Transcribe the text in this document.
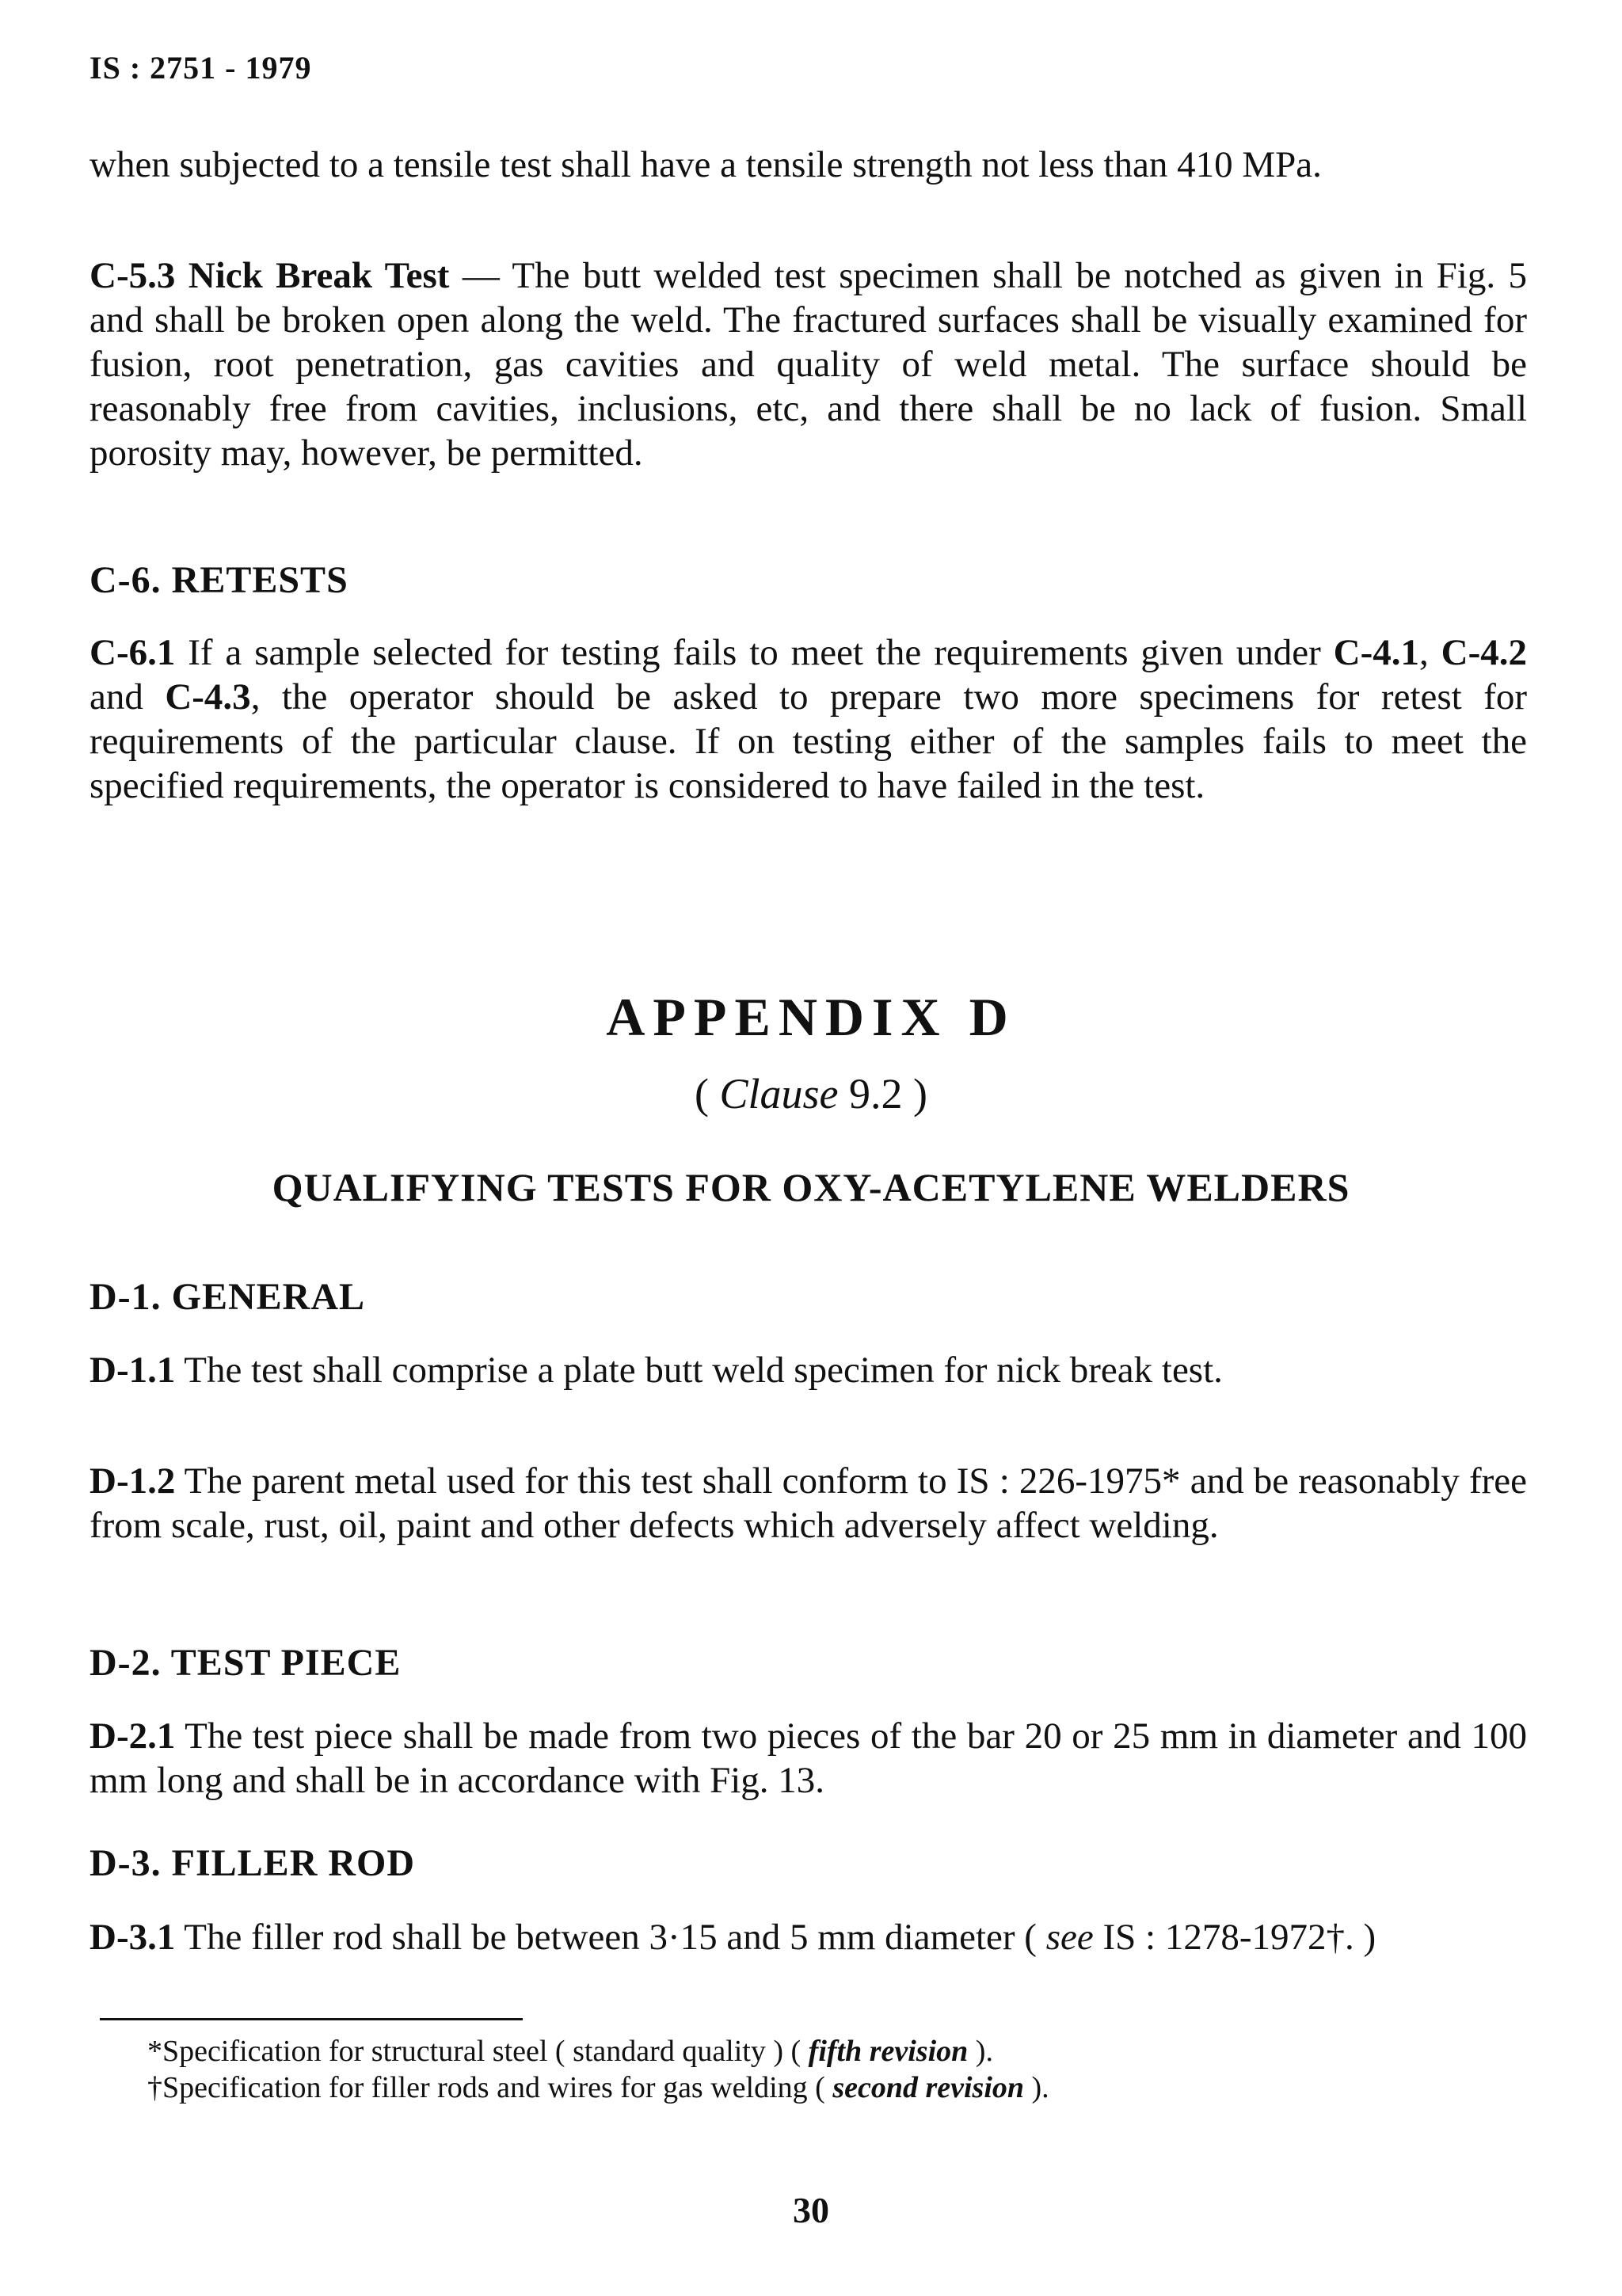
IS : 2751 - 1979

when subjected to a tensile test shall have a tensile strength not less than 410 MPa.

C-5.3 Nick Break Test — The butt welded test specimen shall be notched as given in Fig. 5 and shall be broken open along the weld. The fractured surfaces shall be visually examined for fusion, root penetration, gas cavities and quality of weld metal. The surface should be reasonably free from cavities, inclusions, etc, and there shall be no lack of fusion. Small porosity may, however, be permitted.

C-6. RETESTS

C-6.1 If a sample selected for testing fails to meet the requirements given under C-4.1, C-4.2 and C-4.3, the operator should be asked to prepare two more specimens for retest for requirements of the particular clause. If on testing either of the samples fails to meet the specified requirements, the operator is considered to have failed in the test.

APPENDIX D
( Clause 9.2 )
QUALIFYING TESTS FOR OXY-ACETYLENE WELDERS
D-1. GENERAL

D-1.1 The test shall comprise a plate butt weld specimen for nick break test.

D-1.2 The parent metal used for this test shall conform to IS : 226-1975* and be reasonably free from scale, rust, oil, paint and other defects which adversely affect welding.

D-2. TEST PIECE

D-2.1 The test piece shall be made from two pieces of the bar 20 or 25 mm in diameter and 100 mm long and shall be in accordance with Fig. 13.

D-3. FILLER ROD

D-3.1 The filler rod shall be between 3·15 and 5 mm diameter ( see IS : 1278-1972†. )

*Specification for structural steel ( standard quality ) ( fifth revision ).

†Specification for filler rods and wires for gas welding ( second revision ).

30
